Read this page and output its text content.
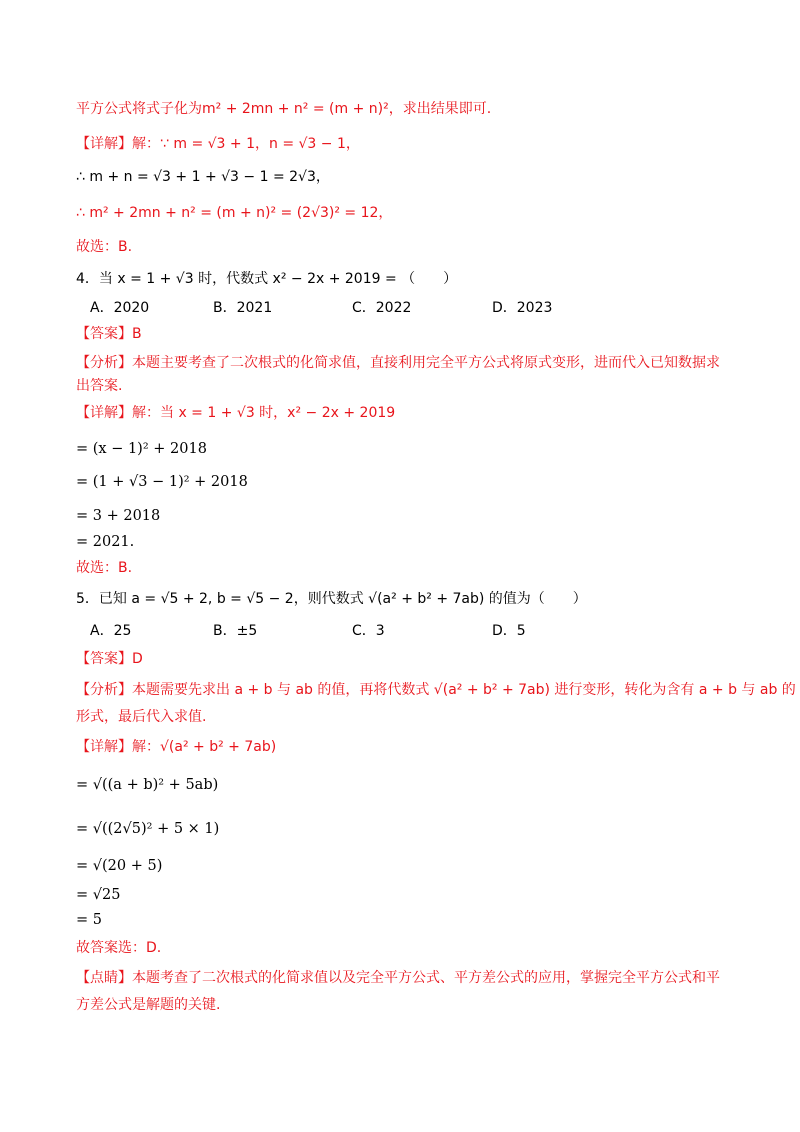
平方公式将式子化为m² + 2mn + n² = (m + n)²，求出结果即可.
【详解】解：∵ m = √3 + 1，n = √3 − 1，
∴ m + n = √3 + 1 + √3 − 1 = 2√3，
∴ m² + 2mn + n² = (m + n)² = (2√3)² = 12，
故选：B.
4．当 x = 1 + √3 时，代数式 x² − 2x + 2019 = （　　）
A．2020	B．2021	C．2022	D．2023
【答案】B
【分析】本题主要考查了二次根式的化简求值，直接利用完全平方公式将原式变形，进而代入已知数据求
出答案.
【详解】解：当 x = 1 + √3 时，x² − 2x + 2019
= (x − 1)² + 2018
= (1 + √3 − 1)² + 2018
= 3 + 2018
= 2021.
故选：B.
5．已知 a = √5 + 2, b = √5 − 2，则代数式 √(a² + b² + 7ab) 的值为（　　）
A．25	B．±5	C．3	D．5
【答案】D
【分析】本题需要先求出 a + b 与 ab 的值，再将代数式 √(a² + b² + 7ab) 进行变形，转化为含有 a + b 与 ab 的
形式，最后代入求值.
【详解】解：√(a² + b² + 7ab)
= √((a + b)² + 5ab)
= √((2√5)² + 5 × 1)
= √(20 + 5)
= √25
= 5
故答案选：D.
【点睛】本题考查了二次根式的化简求值以及完全平方公式、平方差公式的应用，掌握完全平方公式和平
方差公式是解题的关键.
